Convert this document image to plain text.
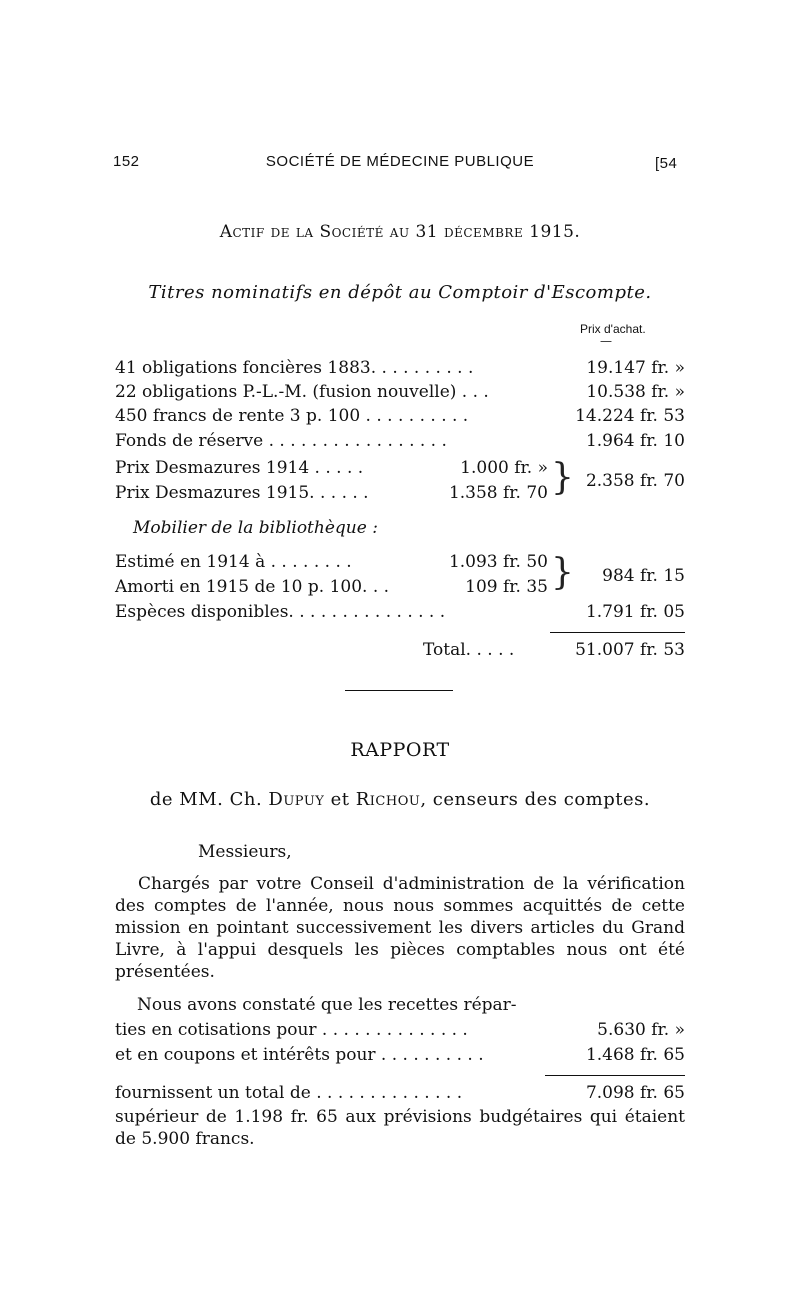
152	SOCIÉTÉ DE MÉDECINE PUBLIQUE	[54
Actif de la Société au 31 décembre 1915.
Titres nominatifs en dépôt au Comptoir d'Escompte.
Prix d'achat.
—
41 obligations foncières 1883. . . . . . . . . .	19.147 fr. »
22 obligations P.-L.-M. (fusion nouvelle) . . .	10.538 fr. »
450 francs de rente 3 p. 100 . . . . . . . . . .	14.224 fr. 53
Fonds de réserve . . . . . . . . . . . . . . . . .	1.964 fr. 10
Prix Desmazures 1914 . . . . .	1.000 fr. »
Prix Desmazures 1915. . . . . .	1.358 fr. 70 } 2.358 fr. 70
Mobilier de la bibliothèque :
Estimé en 1914 à . . . . . . . .	1.093 fr. 50
Amorti en 1915 de 10 p. 100. . .	109 fr. 35 }	984 fr. 15
Espèces disponibles. . . . . . . . . . . . . . .	1.791 fr. 05
Total. . . . .	51.007 fr. 53
RAPPORT
de MM. Ch. Dupuy et Richou, censeurs des comptes.
Messieurs,
Chargés par votre Conseil d'administration de la vérification des comptes de l'année, nous nous sommes acquittés de cette mission en pointant successivement les divers articles du Grand Livre, à l'appui desquels les pièces comptables nous ont été présentées.
Nous avons constaté que les recettes répar-
ties en cotisations pour . . . . . . . . . . . . . .	5.630 fr. »
et en coupons et intérêts pour . . . . . . . . . .	1.468 fr. 65
fournissent un total de . . . . . . . . . . . . . .	7.098 fr. 65
supérieur de 1.198 fr. 65 aux prévisions budgétaires qui étaient de 5.900 francs.
